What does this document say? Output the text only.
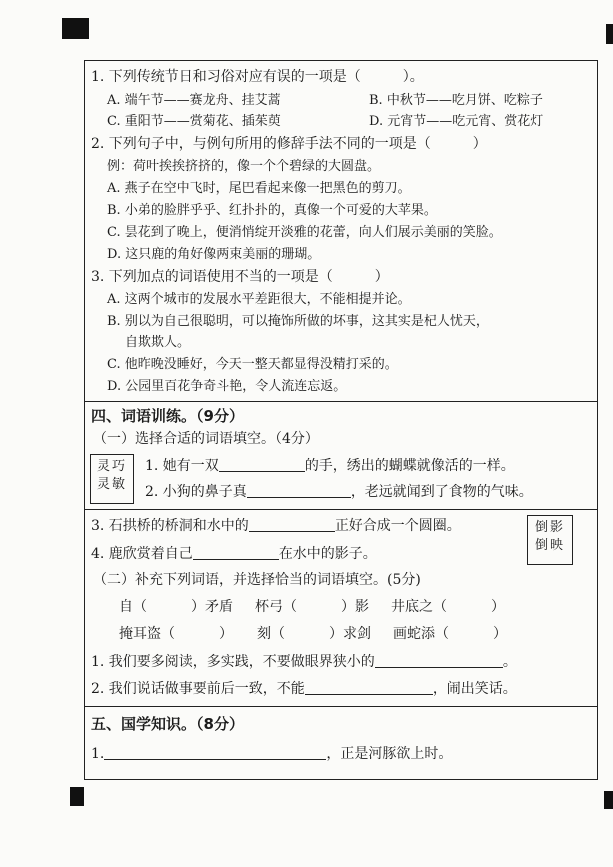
1. 下列传统节日和习俗对应有误的一项是（　　　）。
A. 端午节——赛龙舟、挂艾蒿	B. 中秋节——吃月饼、吃粽子
C. 重阳节——赏菊花、插茱萸	D. 元宵节——吃元宵、赏花灯
2. 下列句子中，与例句所用的修辞手法不同的一项是（　　　）
例：荷叶挨挨挤挤的，像一个个碧绿的大圆盘。
A. 燕子在空中飞时，尾巴看起来像一把黑色的剪刀。
B. 小弟的脸胖乎乎、红扑扑的，真像一个可爱的大苹果。
C. 昙花到了晚上，便消悄绽开淡雅的花蕾，向人们展示美丽的笑脸。
D. 这只鹿的角好像两束美丽的珊瑚。
3. 下列加点的词语使用不当的一项是（　　　）
A. 这两个城市的发展水平差距很大，不能相提并论。
B. 别以为自己很聪明，可以掩饰所做的坏事，这其实是杞人忧天，
自欺欺人。
C. 他昨晚没睡好，今天一整天都显得没精打采的。
D. 公园里百花争奇斗艳，令人流连忘返。
四、词语训练。（9分）
（一）选择合适的词语填空。（4分）
灵巧
灵敏
1. 她有一双	的手，绣出的蝴蝶就像活的一样。
2. 小狗的鼻子真	，老远就闻到了食物的气味。
3. 石拱桥的桥洞和水中的	正好合成一个圆圈。
4. 鹿欣赏着自己	在水中的影子。
倒影
倒映
（二）补充下列词语，并选择恰当的词语填空。(5分)
自（	）矛盾 杯弓（	）影 井底之（	）
掩耳盗（	） 刻（	）求剑 画蛇添（	）
1. 我们要多阅读，多实践，不要做眼界狭小的	。
2. 我们说话做事要前后一致，不能	，闹出笑话。
五、国学知识。（8分）
1.	，正是河豚欲上时。
